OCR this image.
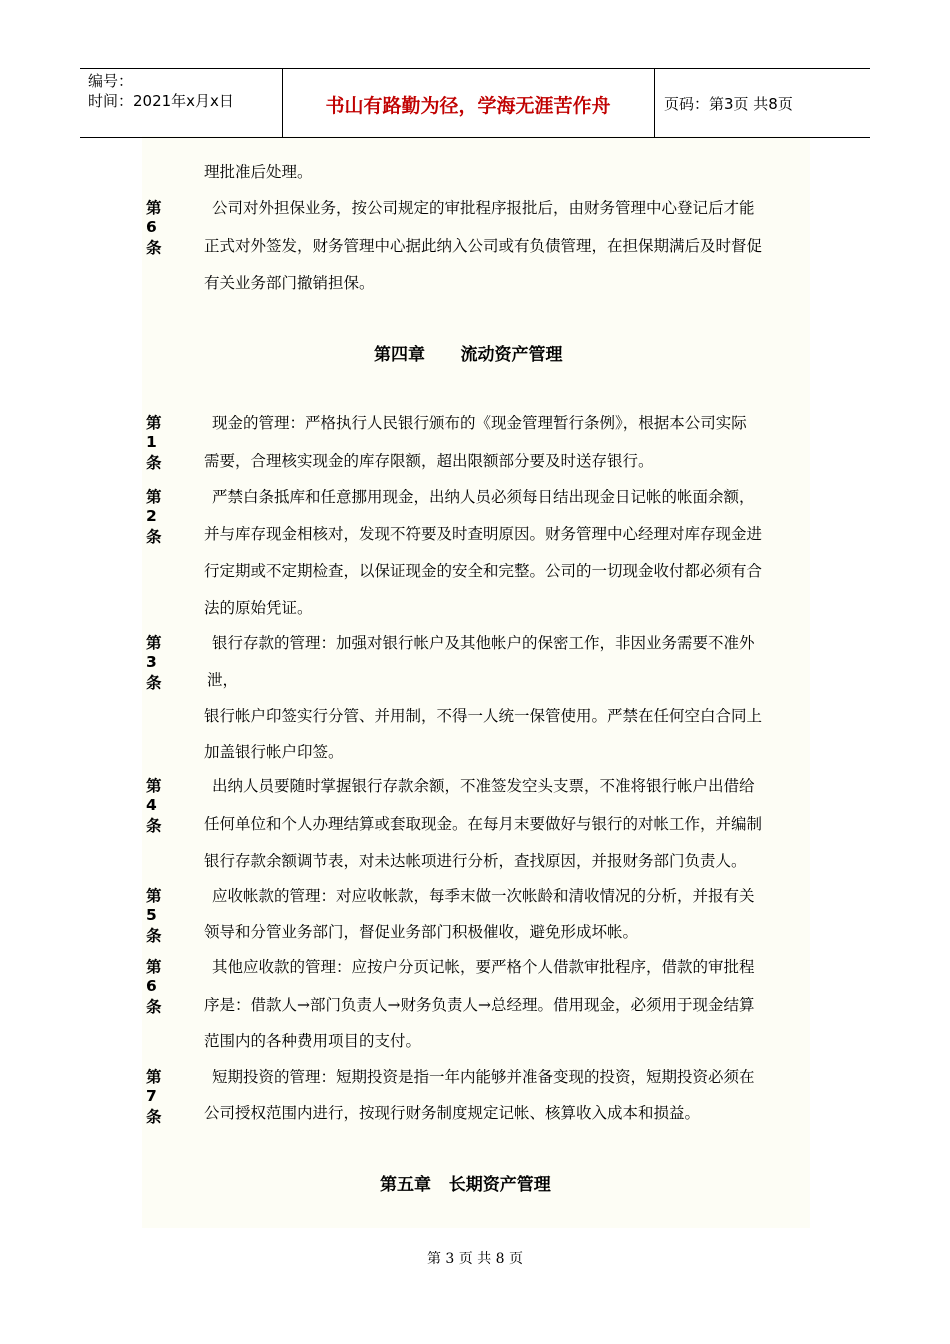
编号：
时间：2021年x月x日	书山有路勤为径，学海无涯苦作舟	页码：第3页 共8页
理批准后处理。
第6条
公司对外担保业务，按公司规定的审批程序报批后，由财务管理中心登记后才能
正式对外签发，财务管理中心据此纳入公司或有负债管理，在担保期满后及时督促
有关业务部门撤销担保。
第四章      流动资产管理
第1条
现金的管理：严格执行人民银行颁布的《现金管理暂行条例》，根据本公司实际
需要，合理核实现金的库存限额，超出限额部分要及时送存银行。
第2条
严禁白条抵库和任意挪用现金，出纳人员必须每日结出现金日记帐的帐面余额，
并与库存现金相核对，发现不符要及时查明原因。财务管理中心经理对库存现金进
行定期或不定期检查，以保证现金的安全和完整。公司的一切现金收付都必须有合
法的原始凭证。
第3条
银行存款的管理：加强对银行帐户及其他帐户的保密工作，非因业务需要不准外
泄，
银行帐户印签实行分管、并用制，不得一人统一保管使用。严禁在任何空白合同上
加盖银行帐户印签。
第4条
出纳人员要随时掌握银行存款余额，不准签发空头支票，不准将银行帐户出借给
任何单位和个人办理结算或套取现金。在每月末要做好与银行的对帐工作，并编制
银行存款余额调节表，对未达帐项进行分析，查找原因，并报财务部门负责人。
第5条
应收帐款的管理：对应收帐款，每季末做一次帐龄和清收情况的分析，并报有关
领导和分管业务部门，督促业务部门积极催收，避免形成坏帐。
第6条
其他应收款的管理：应按户分页记帐，要严格个人借款审批程序，借款的审批程
序是：借款人→部门负责人→财务负责人→总经理。借用现金，必须用于现金结算
范围内的各种费用项目的支付。
第7条
短期投资的管理：短期投资是指一年内能够并准备变现的投资，短期投资必须在
公司授权范围内进行，按现行财务制度规定记帐、核算收入成本和损益。
第五章   长期资产管理
第 3 页 共 8 页
